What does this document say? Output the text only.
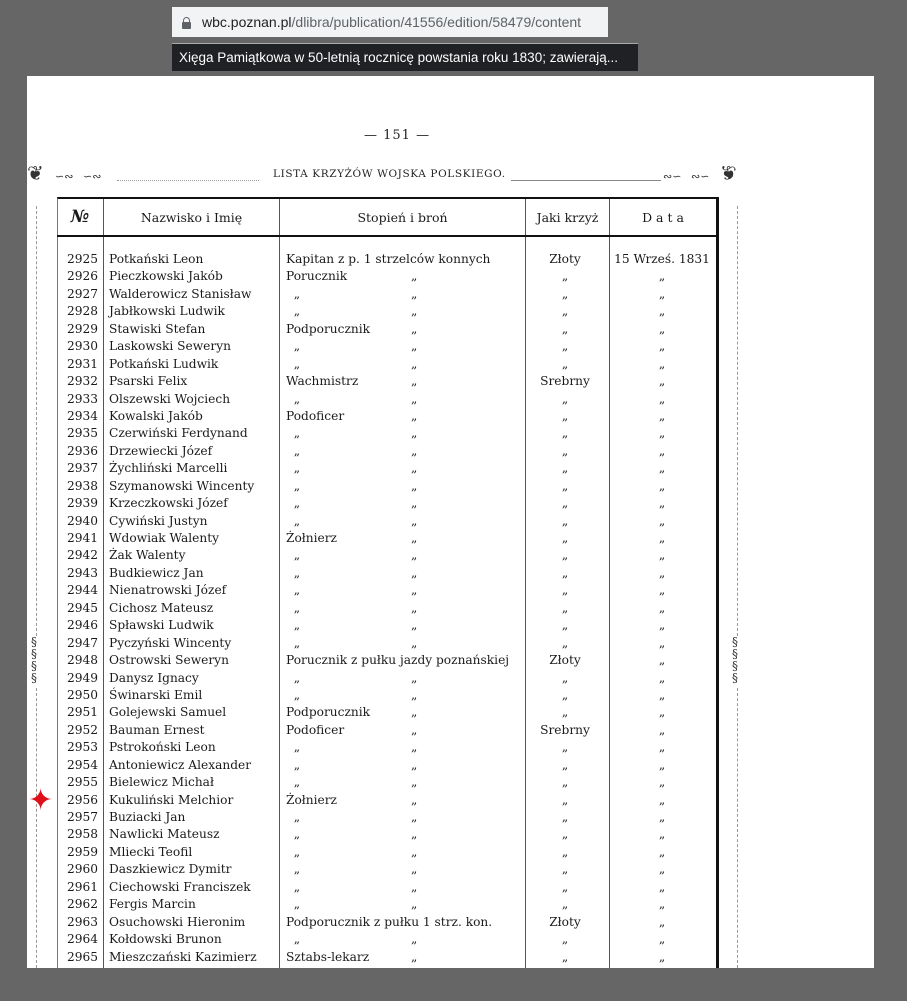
wbc.poznan.pl /dlibra/publication/41556/edition/58479/content
Xięga Pamiątkowa w 50-letnią rocznicę powstania roku 1830; zawierają...
— 151 —
❦ ∽∾ ∽∾	❦
∾∽ ∾∽
§
§
§
§
§
§
§
§
LISTA KRZYŻÓW WOJSKA POLSKIEGO.
№	Nazwisko i Imię	Stopień i broń	Jaki krzyż	D a t a
2925 Potkański Leon	Kapitan z p. 1 strzelców konnych	Złoty	15 Wrześ. 1831
2926 Pieczkowski Jakób	Porucznik	„	„	„
2927 Walderowicz Stanisław	„	„	„	„
2928 Jabłkowski Ludwik	„	„	„	„
2929 Stawiski Stefan	Podporucznik	„	„	„
2930 Laskowski Seweryn	„	„	„	„
2931 Potkański Ludwik	„	„	„	„
2932 Psarski Felix	Wachmistrz	„	Srebrny	„
2933 Olszewski Wojciech	„	„	„	„
2934 Kowalski Jakób	Podoficer	„	„	„
2935 Czerwiński Ferdynand	„	„	„	„
2936 Drzewiecki Józef	„	„	„	„
2937 Żychliński Marcelli	„	„	„	„
2938 Szymanowski Wincenty	„	„	„	„
2939 Krzeczkowski Józef	„	„	„	„
2940 Cywiński Justyn	„	„	„	„
2941 Wdowiak Walenty	Żołnierz	„	„	„
2942 Żak Walenty	„	„	„	„
2943 Budkiewicz Jan	„	„	„	„
2944 Nienatrowski Józef	„	„	„	„
2945 Cichosz Mateusz	„	„	„	„
2946 Spławski Ludwik	„	„	„	„
2947 Pyczyński Wincenty	„	„	„	„
2948 Ostrowski Seweryn	Porucznik z pułku jazdy poznańskiej	Złoty	„
2949 Danysz Ignacy	„	„	„	„
2950 Świnarski Emil	„	„	„	„
2951 Golejewski Samuel	Podporucznik	„	„	„
2952 Bauman Ernest	Podoficer	„	Srebrny	„
2953 Pstrokoński Leon	„	„	„	„
2954 Antoniewicz Alexander	„	„	„	„
2955 Bielewicz Michał	„	„	„	„
2956 Kukuliński Melchior	Żołnierz	„	„	„
2957 Buziacki Jan	„	„	„	„
2958 Nawlicki Mateusz	„	„	„	„
2959 Mliecki Teofil	„	„	„	„
2960 Daszkiewicz Dymitr	„	„	„	„
2961 Ciechowski Franciszek	„	„	„	„
2962 Fergis Marcin	„	„	„	„
2963 Osuchowski Hieronim	Podporucznik z pułku 1 strz. kon.	Złoty	„
2964 Kołdowski Brunon	„	„	„	„
2965 Mieszczański Kazimierz Sztabs-lekarz	„	„	„
✦
